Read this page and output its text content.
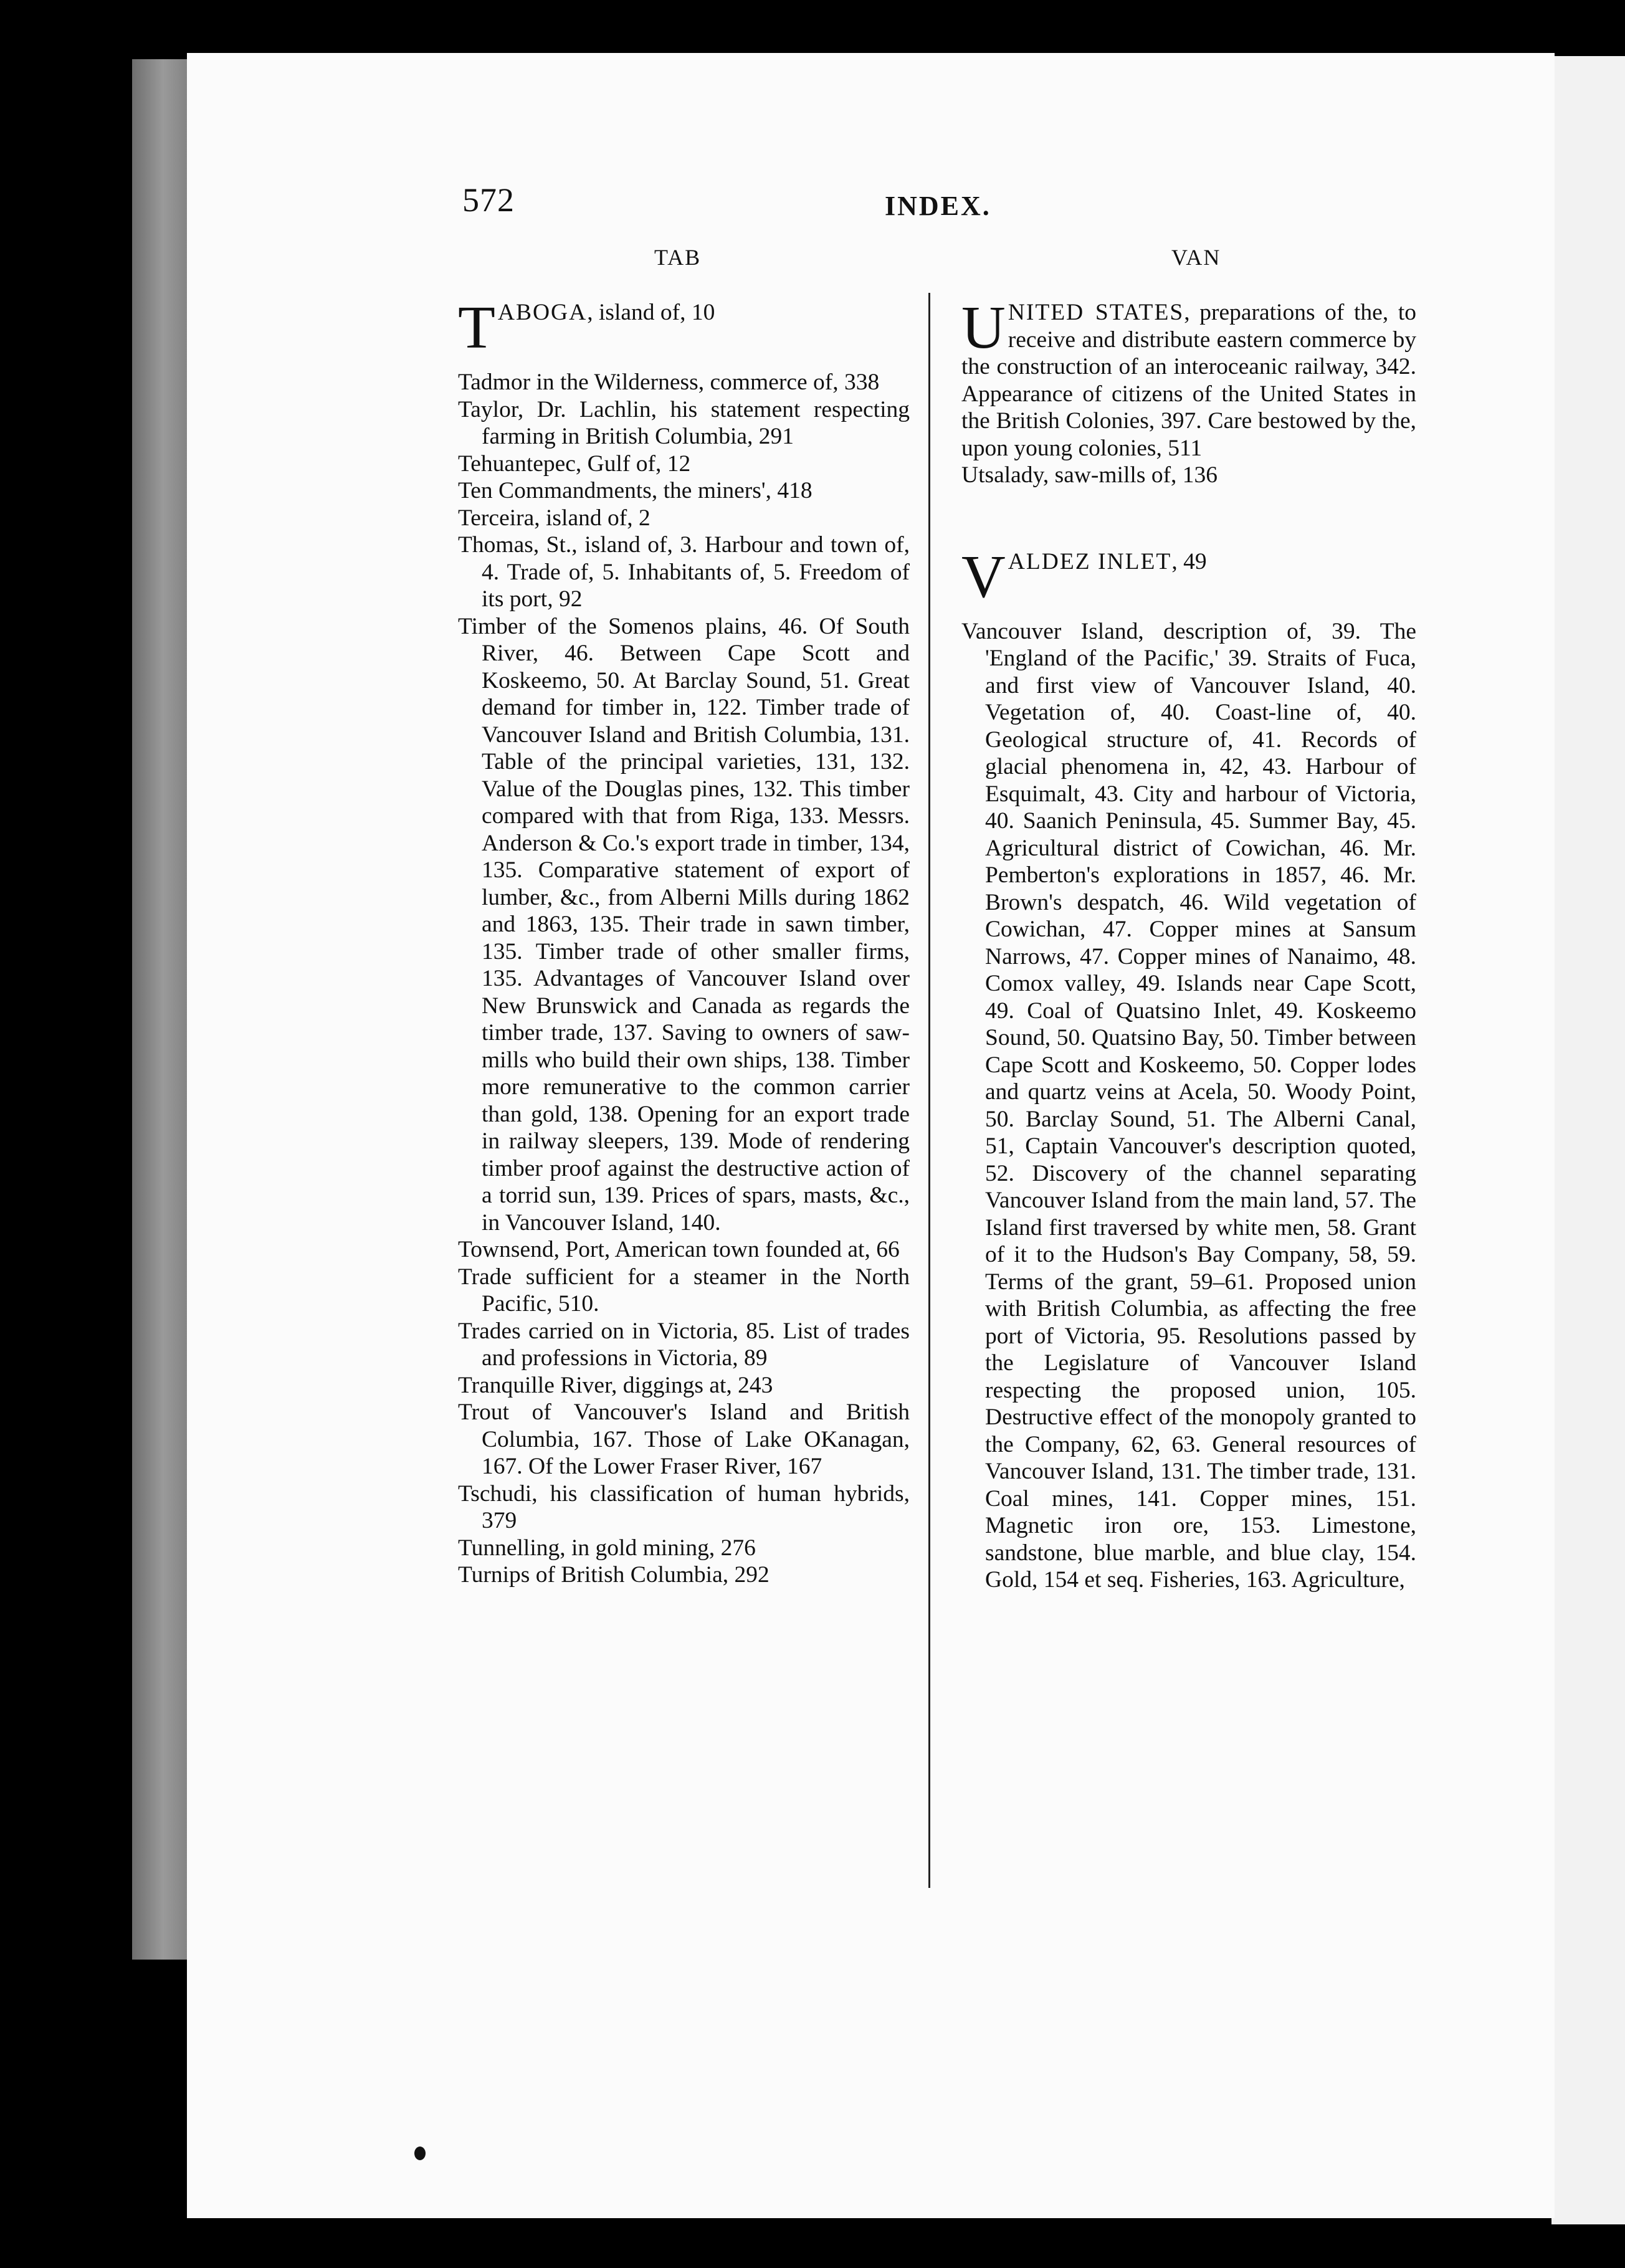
572	INDEX.
TAB	VAN

TABOGA, island of, 10

Tadmor in the Wilderness, commerce of, 338

Taylor, Dr. Lachlin, his statement respecting farming in British Columbia, 291

Tehuantepec, Gulf of, 12

Ten Commandments, the miners', 418

Terceira, island of, 2

Thomas, St., island of, 3. Harbour and town of, 4. Trade of, 5. Inhabitants of, 5. Freedom of its port, 92

Timber of the Somenos plains, 46. Of South River, 46. Between Cape Scott and Koskeemo, 50. At Barclay Sound, 51. Great demand for timber in, 122. Timber trade of Vancouver Island and British Columbia, 131. Table of the principal varieties, 131, 132. Value of the Douglas pines, 132. This timber compared with that from Riga, 133. Messrs. Anderson & Co.'s export trade in timber, 134, 135. Comparative statement of export of lumber, &c., from Alberni Mills during 1862 and 1863, 135. Their trade in sawn timber, 135. Timber trade of other smaller firms, 135. Advantages of Vancouver Island over New Brunswick and Canada as regards the timber trade, 137. Saving to owners of saw-mills who build their own ships, 138. Timber more remunerative to the common carrier than gold, 138. Opening for an export trade in railway sleepers, 139. Mode of rendering timber proof against the destructive action of a torrid sun, 139. Prices of spars, masts, &c., in Vancouver Island, 140.

Townsend, Port, American town founded at, 66

Trade sufficient for a steamer in the North Pacific, 510.

Trades carried on in Victoria, 85. List of trades and professions in Victoria, 89

Tranquille River, diggings at, 243

Trout of Vancouver's Island and British Columbia, 167. Those of Lake OKanagan, 167. Of the Lower Fraser River, 167

Tschudi, his classification of human hybrids, 379

Tunnelling, in gold mining, 276

Turnips of British Columbia, 292

UNITED STATES, preparations of the, to receive and distribute eastern commerce by the construction of an interoceanic railway, 342. Appearance of citizens of the United States in the British Colonies, 397. Care bestowed by the, upon young colonies, 511

Utsalady, saw-mills of, 136

VALDEZ INLET, 49

Vancouver Island, description of, 39. The 'England of the Pacific,' 39. Straits of Fuca, and first view of Vancouver Island, 40. Vegetation of, 40. Coast-line of, 40. Geological structure of, 41. Records of glacial phenomena in, 42, 43. Harbour of Esquimalt, 43. City and harbour of Victoria, 40. Saanich Peninsula, 45. Summer Bay, 45. Agricultural district of Cowichan, 46. Mr. Pemberton's explorations in 1857, 46. Mr. Brown's despatch, 46. Wild vegetation of Cowichan, 47. Copper mines at Sansum Narrows, 47. Copper mines of Nanaimo, 48. Comox valley, 49. Islands near Cape Scott, 49. Coal of Quatsino Inlet, 49. Koskeemo Sound, 50. Quatsino Bay, 50. Timber between Cape Scott and Koskeemo, 50. Copper lodes and quartz veins at Acela, 50. Woody Point, 50. Barclay Sound, 51. The Alberni Canal, 51, Captain Vancouver's description quoted, 52. Discovery of the channel separating Vancouver Island from the main land, 57. The Island first traversed by white men, 58. Grant of it to the Hudson's Bay Company, 58, 59. Terms of the grant, 59–61. Proposed union with British Columbia, as affecting the free port of Victoria, 95. Resolutions passed by the Legislature of Vancouver Island respecting the proposed union, 105. Destructive effect of the monopoly granted to the Company, 62, 63. General resources of Vancouver Island, 131. The timber trade, 131. Coal mines, 141. Copper mines, 151. Magnetic iron ore, 153. Limestone, sandstone, blue marble, and blue clay, 154. Gold, 154 et seq. Fisheries, 163. Agriculture,
